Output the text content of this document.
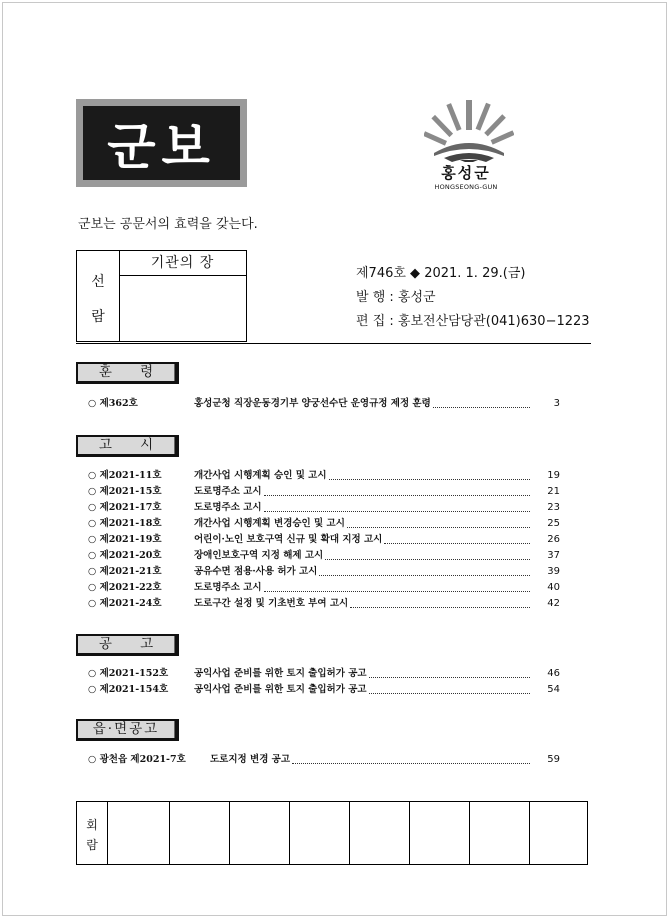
군보	홍성군
HONGSEONG-GUN
군보는 공문서의 효력을 갖는다.
선
람
기관의 장
제746호 ◆ 2021. 1. 29.(금)
발 행 : 홍성군
편 집 : 홍보전산담당관(041)630−1223
훈 령
○ 제362호	홍성군청 직장운동경기부 양궁선수단 운영규정 제정 훈령	3
고 시
○ 제2021-11호	개간사업 시행계획 승인 및 고시	19
○ 제2021-15호	도로명주소 고시	21
○ 제2021-17호	도로명주소 고시	23
○ 제2021-18호	개간사업 시행계획 변경승인 및 고시	25
○ 제2021-19호	어린이·노인 보호구역 신규 및 확대 지정 고시	26
○ 제2021-20호	장애인보호구역 지정 해제 고시	37
○ 제2021-21호	공유수면 점용·사용 허가 고시	39
○ 제2021-22호	도로명주소 고시	40
○ 제2021-24호	도로구간 설정 및 기초번호 부여 고시	42
공 고
○ 제2021-152호	공익사업 준비를 위한 토지 출입허가 공고	46
○ 제2021-154호	공익사업 준비를 위한 토지 출입허가 공고	54
읍·면공고
○ 광천읍 제2021-7호	도로지정 변경 공고	59
회
람
